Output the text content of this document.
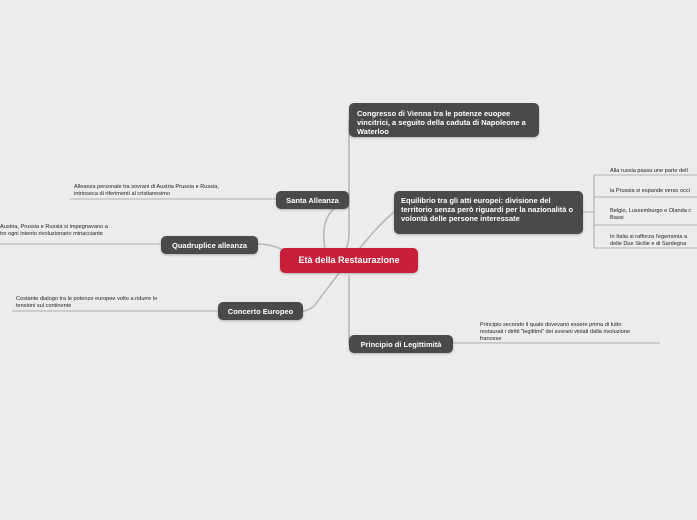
Età della Restaurazione
Congresso di Vienna tra le potenze euopee vincitrici, a seguito della caduta di Napoleone a Waterloo
Equilibrio tra gli atti europei: divisione del territorio senza però riguardi per la nazionalità o volontà delle persone interessate
Principio di Legittimità
Santa Alleanza
Quadruplice alleanza
Concerto Europeo
Alleanza personale tra sovrani di Austria Prussia e Russia,
intrinseca di riferimenti al cristianesimo
Austria, Prussia e Russia si impegnavano a
tro ogni intento rivoluzionario minacciante
Costante dialogo tra le potenze europee volto a ridurre le
tensioni sul continente
Principio secondo il quale dovevano essere prima di tutto
restaurati i diritti "legittimi" dei sovrani violati dalla rivoluzione
francese
Alla russia passa une parte dell
la Prussia si espande verso occi
Belgio, Lussemburgo e Olanda c
Bassi
In Italia si rafforza l'egemonia a
delle Due Sicilie e di Sardegna
